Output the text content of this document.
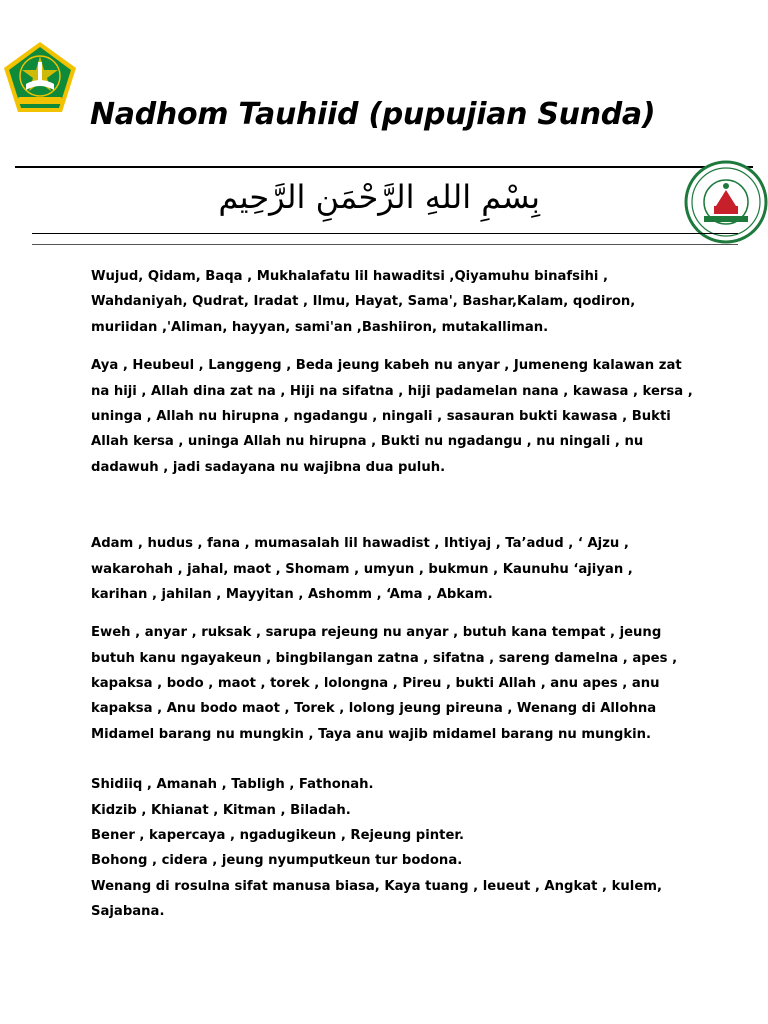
Nadhom Tauhiid (pupujian Sunda)
بِسْمِ اللهِ الرَّحْمَنِ الرَّحِيم
Wujud, Qidam, Baqa , Mukhalafatu lil hawaditsi ,Qiyamuhu binafsihi ,
Wahdaniyah, Qudrat, Iradat , Ilmu, Hayat, Sama', Bashar,Kalam, qodiron,
muriidan ,'Aliman, hayyan, sami'an ,Bashiiron, mutakalliman.
Aya , Heubeul , Langgeng , Beda jeung kabeh nu anyar , Jumeneng kalawan zat
na hiji , Allah dina zat na , Hiji na sifatna , hiji padamelan nana , kawasa , kersa ,
uninga , Allah nu hirupna , ngadangu , ningali , sasauran bukti kawasa , Bukti
Allah kersa , uninga Allah nu hirupna , Bukti nu ngadangu , nu ningali , nu
dadawuh , jadi sadayana nu wajibna dua puluh.
Adam , hudus , fana , mumasalah lil hawadist , Ihtiyaj , Ta’adud , ‘ Ajzu ,
wakarohah , jahal, maot , Shomam , umyun , bukmun , Kaunuhu ‘ajiyan ,
karihan , jahilan , Mayyitan , Ashomm , ‘Ama , Abkam.
Eweh , anyar , ruksak , sarupa rejeung nu anyar , butuh kana tempat , jeung
butuh kanu ngayakeun , bingbilangan zatna , sifatna , sareng damelna , apes ,
kapaksa , bodo , maot , torek , lolongna , Pireu , bukti Allah , anu apes , anu
kapaksa , Anu bodo maot , Torek , lolong jeung pireuna , Wenang di Allohna
Midamel barang nu mungkin , Taya anu wajib midamel barang nu mungkin.
Shidiiq , Amanah , Tabligh , Fathonah.
Kidzib , Khianat , Kitman , Biladah.
Bener , kapercaya , ngadugikeun , Rejeung pinter.
Bohong , cidera , jeung nyumputkeun tur bodona.
Wenang di rosulna sifat manusa biasa, Kaya tuang , leueut , Angkat , kulem,
Sajabana.
